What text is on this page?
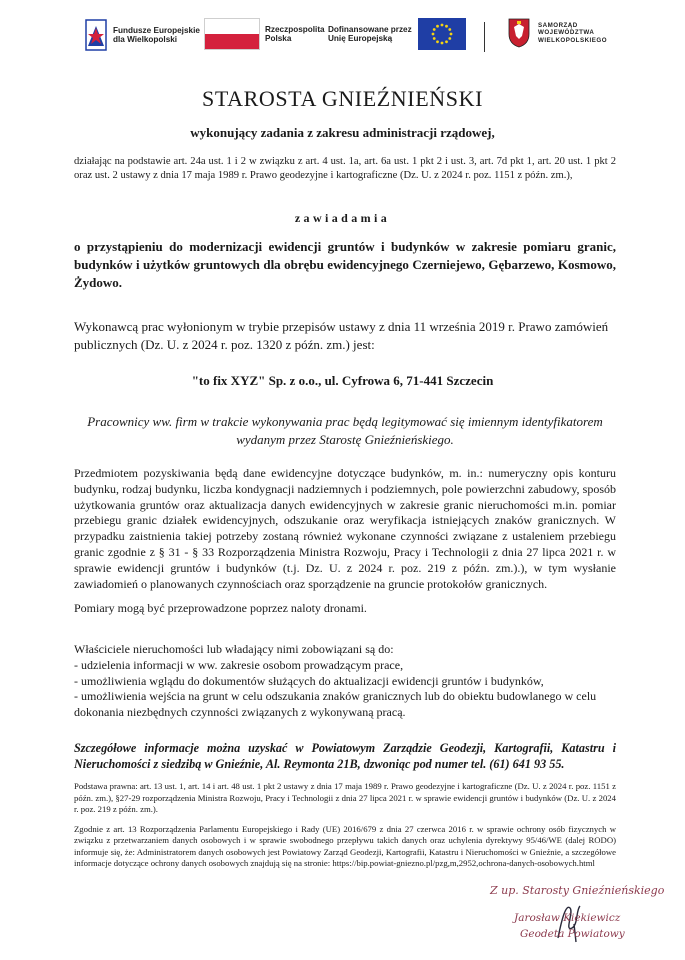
Fundusze Europejskie
dla Wielkopolski
Rzeczpospolita
Polska
Dofinansowane przez
Unię Europejską
SAMORZĄD
WOJEWÓDZTWA
WIELKOPOLSKIEGO
STAROSTA GNIEŹNIEŃSKI
wykonujący zadania z zakresu administracji rządowej,
działając na podstawie art. 24a ust. 1 i 2 w związku z art. 4 ust. 1a, art. 6a ust. 1 pkt 2 i ust. 3, art. 7d pkt 1, art. 20 ust. 1 pkt 2 oraz ust. 2 ustawy z dnia 17 maja 1989 r. Prawo geodezyjne i kartograficzne (Dz. U. z 2024 r. poz. 1151 z późn. zm.),
zawiadamia
o przystąpieniu do modernizacji ewidencji gruntów i budynków w zakresie pomiaru granic, budynków i użytków gruntowych dla obrębu ewidencyjnego Czerniejewo, Gębarzewo, Kosmowo, Żydowo.
Wykonawcą prac wyłonionym w trybie przepisów ustawy z dnia 11 września 2019 r. Prawo zamówień publicznych (Dz. U. z 2024 r. poz. 1320 z późn. zm.) jest:
"to fix XYZ" Sp. z o.o., ul. Cyfrowa 6, 71-441 Szczecin
Pracownicy ww. firm w trakcie wykonywania prac będą legitymować się imiennym identyfikatorem wydanym przez Starostę Gnieźnieńskiego.

Przedmiotem pozyskiwania będą dane ewidencyjne dotyczące budynków, m. in.: numeryczny opis konturu budynku, rodzaj budynku, liczba kondygnacji nadziemnych i podziemnych, pole powierzchni zabudowy, sposób użytkowania gruntów oraz aktualizacja danych ewidencyjnych w zakresie granic nieruchomości m.in. pomiar przebiegu granic działek ewidencyjnych, odszukanie oraz weryfikacja istniejących znaków granicznych. W przypadku zaistnienia takiej potrzeby zostaną również wykonane czynności związane z ustaleniem przebiegu granic zgodnie z § 31 - § 33 Rozporządzenia Ministra Rozwoju, Pracy i Technologii z dnia 27 lipca 2021 r. w sprawie ewidencji gruntów i budynków (t.j. Dz. U. z 2024 r. poz. 219 z późn. zm.).), w tym wysłanie zawiadomień o planowanych czynnościach oraz sporządzenie na gruncie protokołów granicznych.

Pomiary mogą być przeprowadzone poprzez naloty dronami.
Właściciele nieruchomości lub władający nimi zobowiązani są do:
- udzielenia informacji w ww. zakresie osobom prowadzącym prace,
- umożliwienia wglądu do dokumentów służących do aktualizacji ewidencji gruntów i budynków,
- umożliwienia wejścia na grunt w celu odszukania znaków granicznych lub do obiektu budowlanego w celu dokonania niezbędnych czynności związanych z wykonywaną pracą.
Szczegółowe informacje można uzyskać w Powiatowym Zarządzie Geodezji, Kartografii, Katastru i Nieruchomości z siedzibą w Gnieźnie, Al. Reymonta 21B, dzwoniąc pod numer tel. (61) 641 93 55.
Podstawa prawna: art. 13 ust. 1, art. 14 i art. 48 ust. 1 pkt 2 ustawy z dnia 17 maja 1989 r. Prawo geodezyjne i kartograficzne (Dz. U. z 2024 r. poz. 1151 z późn. zm.), §27-29 rozporządzenia Ministra Rozwoju, Pracy i Technologii z dnia 27 lipca 2021 r. w sprawie ewidencji gruntów i budynków (Dz. U. z 2024 r. poz. 219 z późn. zm.).
Zgodnie z art. 13 Rozporządzenia Parlamentu Europejskiego i Rady (UE) 2016/679 z dnia 27 czerwca 2016 r. w sprawie ochrony osób fizycznych w związku z przetwarzaniem danych osobowych i w sprawie swobodnego przepływu takich danych oraz uchylenia dyrektywy 95/46/WE (dalej RODO) informuje się, że: Administratorem danych osobowych jest Powiatowy Zarząd Geodezji, Kartografii, Katastru i Nieruchomości w Gnieźnie, a szczegółowe informacje dotyczące ochrony danych osobowych znajdują się na stronie: https://bip.powiat-gniezno.pl/pzg,m,2952,ochrona-danych-osobowych.html
Z up. Starosty Gnieźnieńskiego
Jarosław Kiekiewicz
Geodeta Powiatowy
